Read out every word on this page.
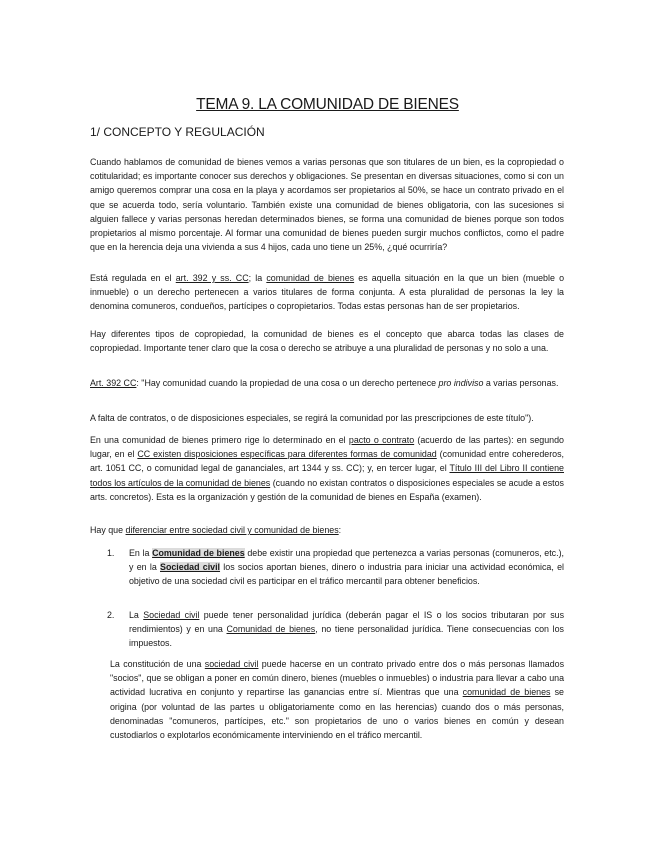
TEMA 9. LA COMUNIDAD DE BIENES
1/ CONCEPTO Y REGULACIÓN
Cuando hablamos de comunidad de bienes vemos a varias personas que son titulares de un bien, es la copropiedad o cotitularidad; es importante conocer sus derechos y obligaciones. Se presentan en diversas situaciones, como si con un amigo queremos comprar una cosa en la playa y acordamos ser propietarios al 50%, se hace un contrato privado en el que se acuerda todo, sería voluntario. También existe una comunidad de bienes obligatoria, con las sucesiones si alguien fallece y varias personas heredan determinados bienes, se forma una comunidad de bienes porque son todos propietarios al mismo porcentaje. Al formar una comunidad de bienes pueden surgir muchos conflictos, como el padre que en la herencia deja una vivienda a sus 4 hijos, cada uno tiene un 25%, ¿qué ocurriría?
Está regulada en el art. 392 y ss. CC; la comunidad de bienes es aquella situación en la que un bien (mueble o inmueble) o un derecho pertenecen a varios titulares de forma conjunta. A esta pluralidad de personas la ley la denomina comuneros, condueños, partícipes o copropietarios. Todas estas personas han de ser propietarios.
Hay diferentes tipos de copropiedad, la comunidad de bienes es el concepto que abarca todas las clases de copropiedad. Importante tener claro que la cosa o derecho se atribuye a una pluralidad de personas y no solo a una.
Art. 392 CC: "Hay comunidad cuando la propiedad de una cosa o un derecho pertenece pro indiviso a varias personas.
A falta de contratos, o de disposiciones especiales, se regirá la comunidad por las prescripciones de este título").
En una comunidad de bienes primero rige lo determinado en el pacto o contrato (acuerdo de las partes): en segundo lugar, en el CC existen disposiciones específicas para diferentes formas de comunidad (comunidad entre coherederos, art. 1051 CC, o comunidad legal de gananciales, art 1344 y ss. CC); y, en tercer lugar, el Título III del Libro II contiene todos los artículos de la comunidad de bienes (cuando no existan contratos o disposiciones especiales se acude a estos arts. concretos). Esta es la organización y gestión de la comunidad de bienes en España (examen).
Hay que diferenciar entre sociedad civil y comunidad de bienes:
1. En la Comunidad de bienes debe existir una propiedad que pertenezca a varias personas (comuneros, etc.), y en la Sociedad civil los socios aportan bienes, dinero o industria para iniciar una actividad económica, el objetivo de una sociedad civil es participar en el tráfico mercantil para obtener beneficios.
2. La Sociedad civil puede tener personalidad jurídica (deberán pagar el IS o los socios tributaran por sus rendimientos) y en una Comunidad de bienes, no tiene personalidad jurídica. Tiene consecuencias con los impuestos.
La constitución de una sociedad civil puede hacerse en un contrato privado entre dos o más personas llamados "socios", que se obligan a poner en común dinero, bienes (muebles o inmuebles) o industria para llevar a cabo una actividad lucrativa en conjunto y repartirse las ganancias entre sí. Mientras que una comunidad de bienes se origina (por voluntad de las partes u obligatoriamente como en las herencias) cuando dos o más personas, denominadas "comuneros, partícipes, etc." son propietarios de uno o varios bienes en común y desean custodiarlos o explotarlos económicamente interviniendo en el tráfico mercantil.
